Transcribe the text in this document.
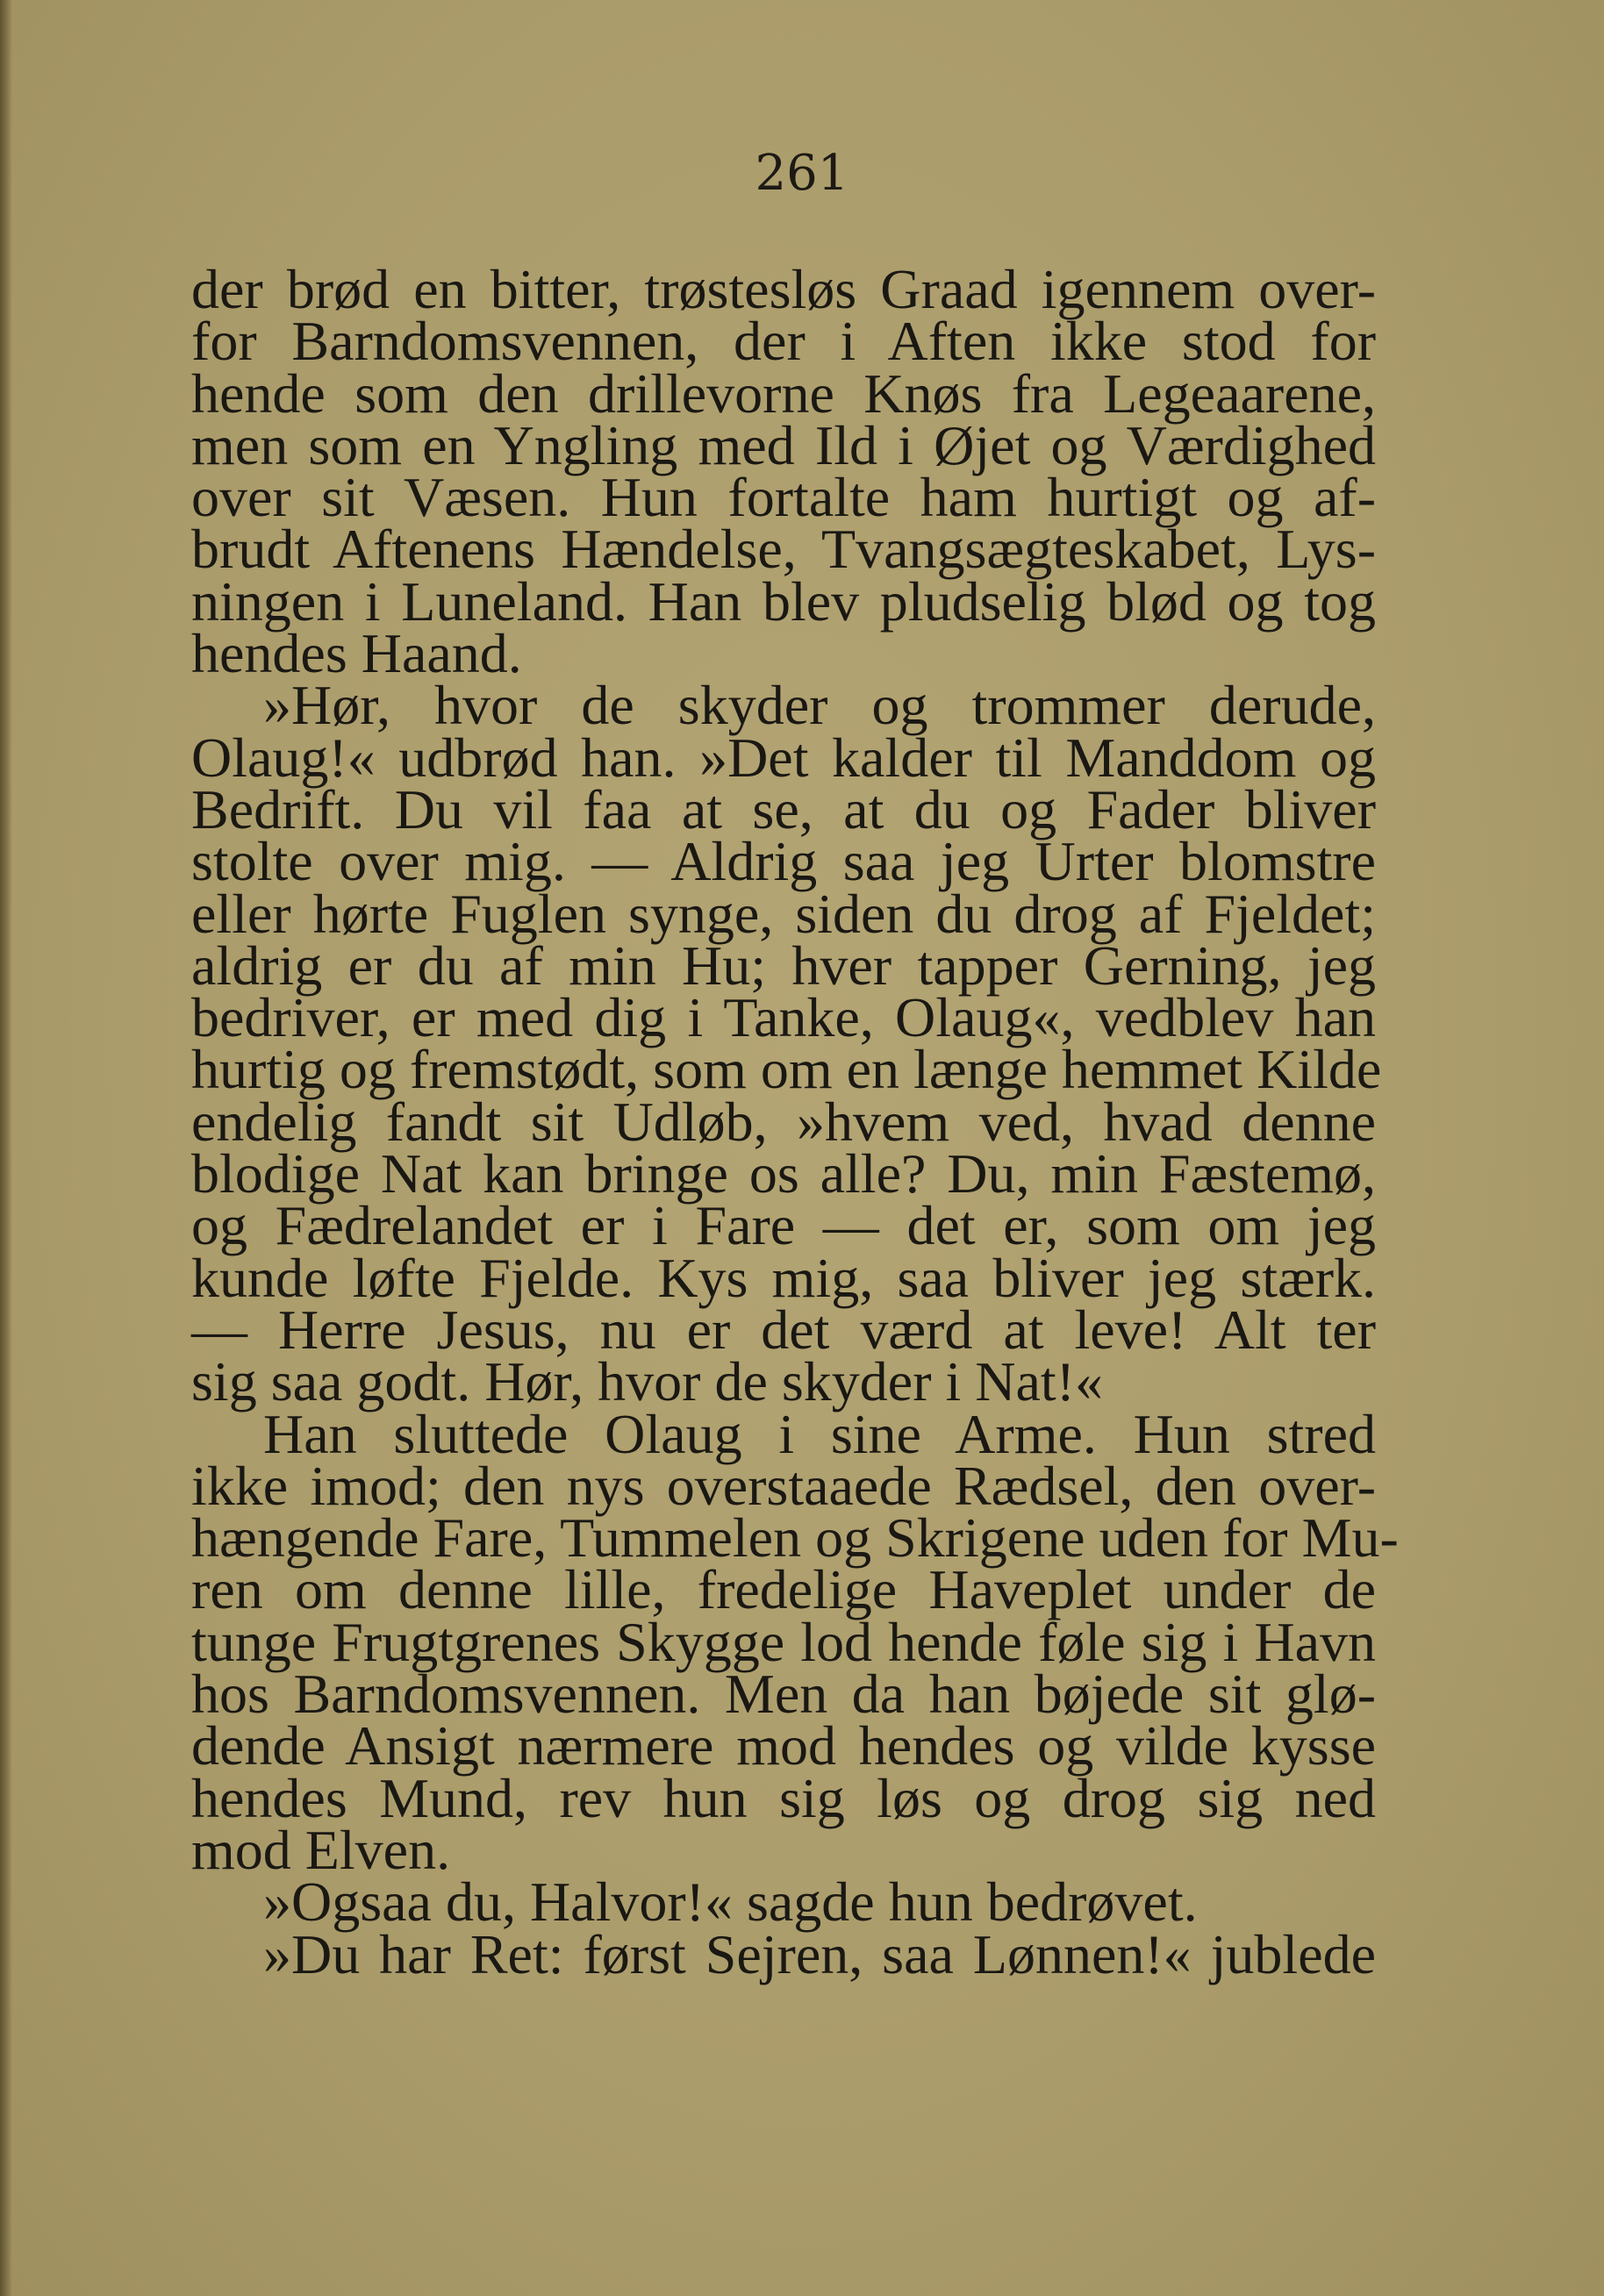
261
der brød en bitter, trøstesløs Graad igennem over-
for Barndomsvennen, der i Aften ikke stod for
hende som den drillevorne Knøs fra Legeaarene,
men som en Yngling med Ild i Øjet og Værdighed
over sit Væsen. Hun fortalte ham hurtigt og af-
brudt Aftenens Hændelse, Tvangsægteskabet, Lys-
ningen i Luneland. Han blev pludselig blød og tog
hendes Haand.
»Hør, hvor de skyder og trommer derude,
Olaug!« udbrød han. »Det kalder til Manddom og
Bedrift. Du vil faa at se, at du og Fader bliver
stolte over mig. — Aldrig saa jeg Urter blomstre
eller hørte Fuglen synge, siden du drog af Fjeldet;
aldrig er du af min Hu; hver tapper Gerning, jeg
bedriver, er med dig i Tanke, Olaug«, vedblev han
hurtig og fremstødt, som om en længe hemmet Kilde
endelig fandt sit Udløb, »hvem ved, hvad denne
blodige Nat kan bringe os alle? Du, min Fæstemø,
og Fædrelandet er i Fare — det er, som om jeg
kunde løfte Fjelde. Kys mig, saa bliver jeg stærk.
— Herre Jesus, nu er det værd at leve! Alt ter
sig saa godt. Hør, hvor de skyder i Nat!«
Han sluttede Olaug i sine Arme. Hun stred
ikke imod; den nys overstaaede Rædsel, den over-
hængende Fare, Tummelen og Skrigene uden for Mu-
ren om denne lille, fredelige Haveplet under de
tunge Frugtgrenes Skygge lod hende føle sig i Havn
hos Barndomsvennen. Men da han bøjede sit glø-
dende Ansigt nærmere mod hendes og vilde kysse
hendes Mund, rev hun sig løs og drog sig ned
mod Elven.
»Ogsaa du, Halvor!« sagde hun bedrøvet.
»Du har Ret: først Sejren, saa Lønnen!« jublede
